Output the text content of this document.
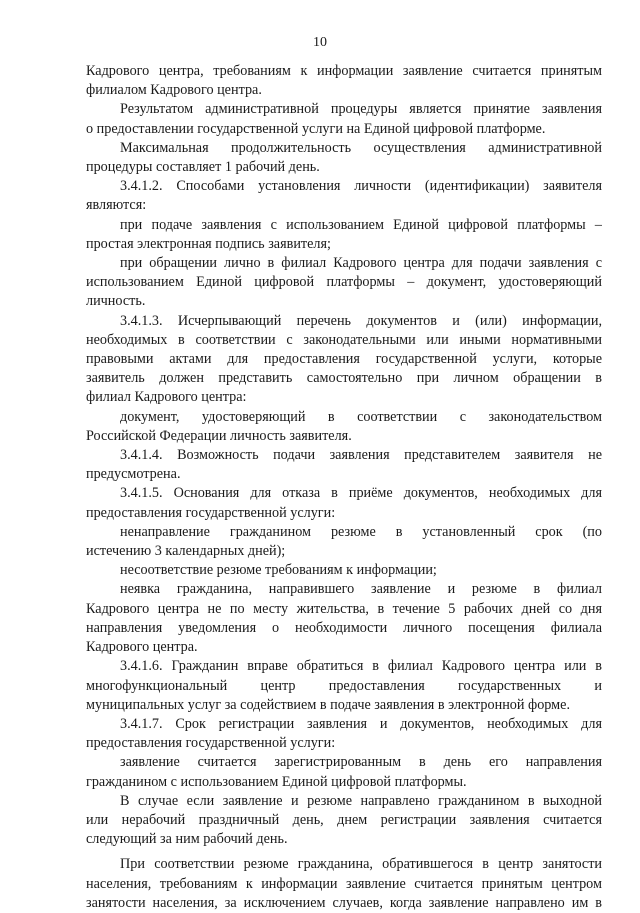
10
Кадрового центра, требованиям к информации заявление считается принятым
филиалом Кадрового центра.
Результатом административной процедуры является принятие заявления
о предоставлении государственной услуги на Единой цифровой платформе.
Максимальная продолжительность осуществления административной
процедуры составляет 1 рабочий день.
3.4.1.2. Способами установления личности (идентификации) заявителя
являются:
при подаче заявления с использованием Единой цифровой платформы –
простая электронная подпись заявителя;
при обращении лично в филиал Кадрового центра для подачи заявления с
использованием Единой цифровой платформы – документ, удостоверяющий
личность.
3.4.1.3. Исчерпывающий перечень документов и (или) информации,
необходимых в соответствии с законодательными или иными нормативными
правовыми актами для предоставления государственной услуги, которые
заявитель должен представить самостоятельно при личном обращении в
филиал Кадрового центра:
документ, удостоверяющий в соответствии с законодательством
Российской Федерации личность заявителя.
3.4.1.4. Возможность подачи заявления представителем заявителя не
предусмотрена.
3.4.1.5. Основания для отказа в приёме документов, необходимых для
предоставления государственной услуги:
ненаправление гражданином резюме в установленный срок (по
истечению 3 календарных дней);
несоответствие резюме требованиям к информации;
неявка гражданина, направившего заявление и резюме в филиал
Кадрового центра не по месту жительства, в течение 5 рабочих дней со дня
направления уведомления о необходимости личного посещения филиала
Кадрового центра.
3.4.1.6. Гражданин вправе обратиться в филиал Кадрового центра или в
многофункциональный центр предоставления государственных и
муниципальных услуг за содействием в подаче заявления в электронной форме.
3.4.1.7. Срок регистрации заявления и документов, необходимых для
предоставления государственной услуги:
заявление считается зарегистрированным в день его направления
гражданином с использованием Единой цифровой платформы.
В случае если заявление и резюме направлено гражданином в выходной
или нерабочий праздничный день, днем регистрации заявления считается
следующий за ним рабочий день.
При соответствии резюме гражданина, обратившегося в центр занятости
населения, требованиям к информации заявление считается принятым центром
занятости населения, за исключением случаев, когда заявление направлено им в
